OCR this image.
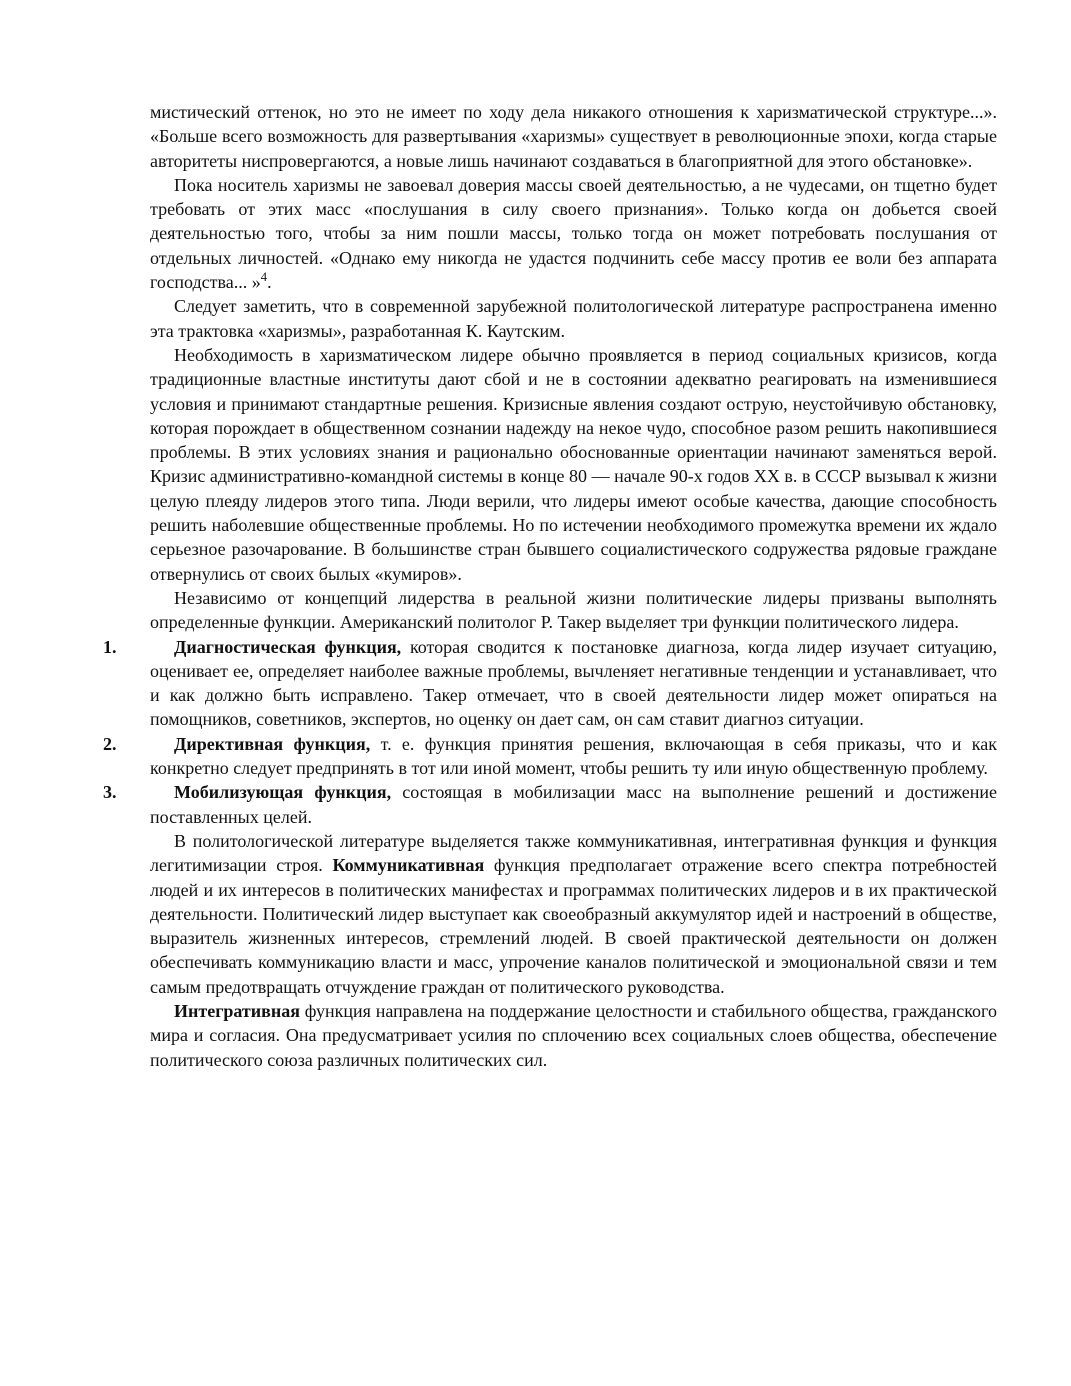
мистический оттенок, но это не имеет по ходу дела никакого отношения к харизматической структуре...». «Больше всего возможность для развертывания «харизмы» существует в революционные эпохи, когда старые авторитеты ниспровергаются, а новые лишь начинают создаваться в благоприятной для этого обстановке».

Пока носитель харизмы не завоевал доверия массы своей деятельностью, а не чудесами, он тщетно будет требовать от этих масс «послушания в силу своего признания». Только когда он добьется своей деятельностью того, чтобы за ним пошли массы, только тогда он может потребовать послушания от отдельных личностей. «Однако ему никогда не удастся подчинить себе массу против ее воли без аппарата господства... »$^4$.

Следует заметить, что в современной зарубежной политологической литературе распространена именно эта трактовка «харизмы», разработанная К. Каутским.

Необходимость в харизматическом лидере обычно проявляется в период социальных кризисов, когда традиционные властные институты дают сбой и не в состоянии адекватно реагировать на изменившиеся условия и принимают стандартные решения. Кризисные явления создают острую, неустойчивую обстановку, которая порождает в общественном сознании надежду на некое чудо, способное разом решить накопившиеся проблемы. В этих условиях знания и рационально обоснованные ориентации начинают заменяться верой. Кризис административно-командной системы в конце 80 — начале 90-х годов XX в. в СССР вызывал к жизни целую плеяду лидеров этого типа. Люди верили, что лидеры имеют особые качества, дающие способность решить наболевшие общественные проблемы. Но по истечении необходимого промежутка времени их ждало серьезное разочарование. В большинстве стран бывшего социалистического содружества рядовые граждане отвернулись от своих былых «кумиров».

Независимо от концепций лидерства в реальной жизни политические лидеры призваны выполнять определенные функции. Американский политолог Р. Такер выделяет три функции политического лидера.

1.	Диагностическая функция, которая сводится к постановке диагноза, когда лидер изучает ситуацию, оценивает ее, определяет наиболее важные проблемы, вычленяет негативные тенденции и устанавливает, что и как должно быть исправлено. Такер отмечает, что в своей деятельности лидер может опираться на помощников, советников, экспертов, но оценку он дает сам, он сам ставит диагноз ситуации.

2.	Директивная функция, т. е. функция принятия решения, включающая в себя приказы, что и как конкретно следует предпринять в тот или иной момент, чтобы решить ту или иную общественную проблему.

3.	Мобилизующая функция, состоящая в мобилизации масс на выполнение решений и достижение поставленных целей.

В политологической литературе выделяется также коммуникативная, интегративная функция и функция легитимизации строя. Коммуникативная функция предполагает отражение всего спектра потребностей людей и их интересов в политических манифестах и программах политических лидеров и в их практической деятельности. Политический лидер выступает как своеобразный аккумулятор идей и настроений в обществе, выразитель жизненных интересов, стремлений людей. В своей практической деятельности он должен обеспечивать коммуникацию власти и масс, упрочение каналов политической и эмоциональной связи и тем самым предотвращать отчуждение граждан от политического руководства.

Интегративная функция направлена на поддержание целостности и стабильного общества, гражданского мира и согласия. Она предусматривает усилия по сплочению всех социальных слоев общества, обеспечение политического союза различных политических сил.
